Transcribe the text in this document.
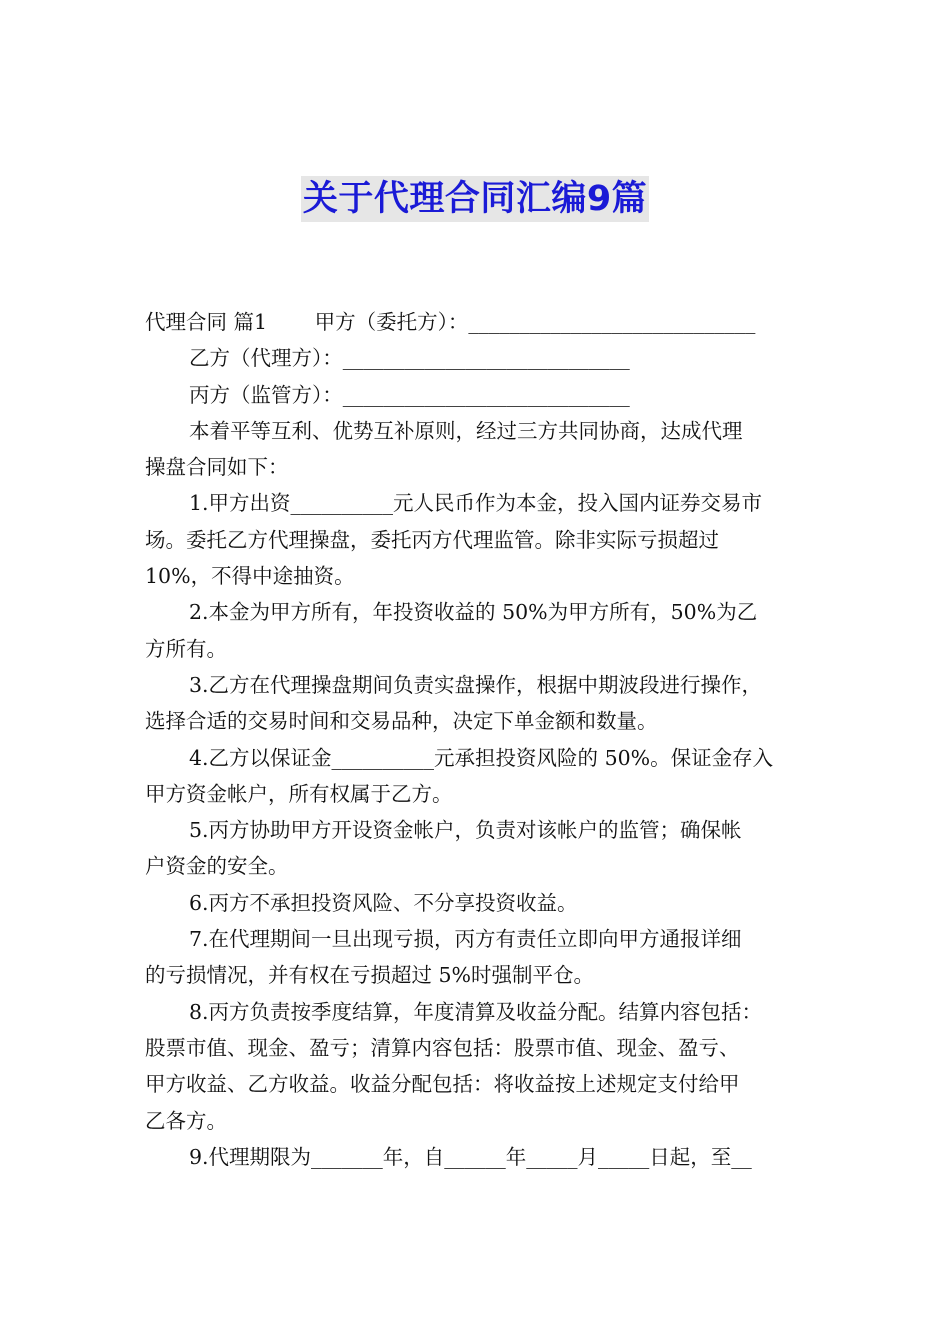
关于代理合同汇编9篇
代理合同 篇1　　 甲方（委托方）：____________________________
乙方（代理方）：____________________________
丙方（监管方）：____________________________
本着平等互利、优势互补原则，经过三方共同协商，达成代理
操盘合同如下：
1.甲方出资__________元人民币作为本金，投入国内证券交易市
场。委托乙方代理操盘，委托丙方代理监管。除非实际亏损超过
10%，不得中途抽资。
2.本金为甲方所有，年投资收益的 50%为甲方所有，50%为乙
方所有。
3.乙方在代理操盘期间负责实盘操作，根据中期波段进行操作，
选择合适的交易时间和交易品种，决定下单金额和数量。
4.乙方以保证金__________元承担投资风险的 50%。保证金存入
甲方资金帐户，所有权属于乙方。
5.丙方协助甲方开设资金帐户，负责对该帐户的监管；确保帐
户资金的安全。
6.丙方不承担投资风险、不分享投资收益。
7.在代理期间一旦出现亏损，丙方有责任立即向甲方通报详细
的亏损情况，并有权在亏损超过 5%时强制平仓。
8.丙方负责按季度结算，年度清算及收益分配。结算内容包括：
股票市值、现金、盈亏；清算内容包括：股票市值、现金、盈亏、
甲方收益、乙方收益。收益分配包括：将收益按上述规定支付给甲
乙各方。
9.代理期限为_______年，自______年_____月_____日起，至__
